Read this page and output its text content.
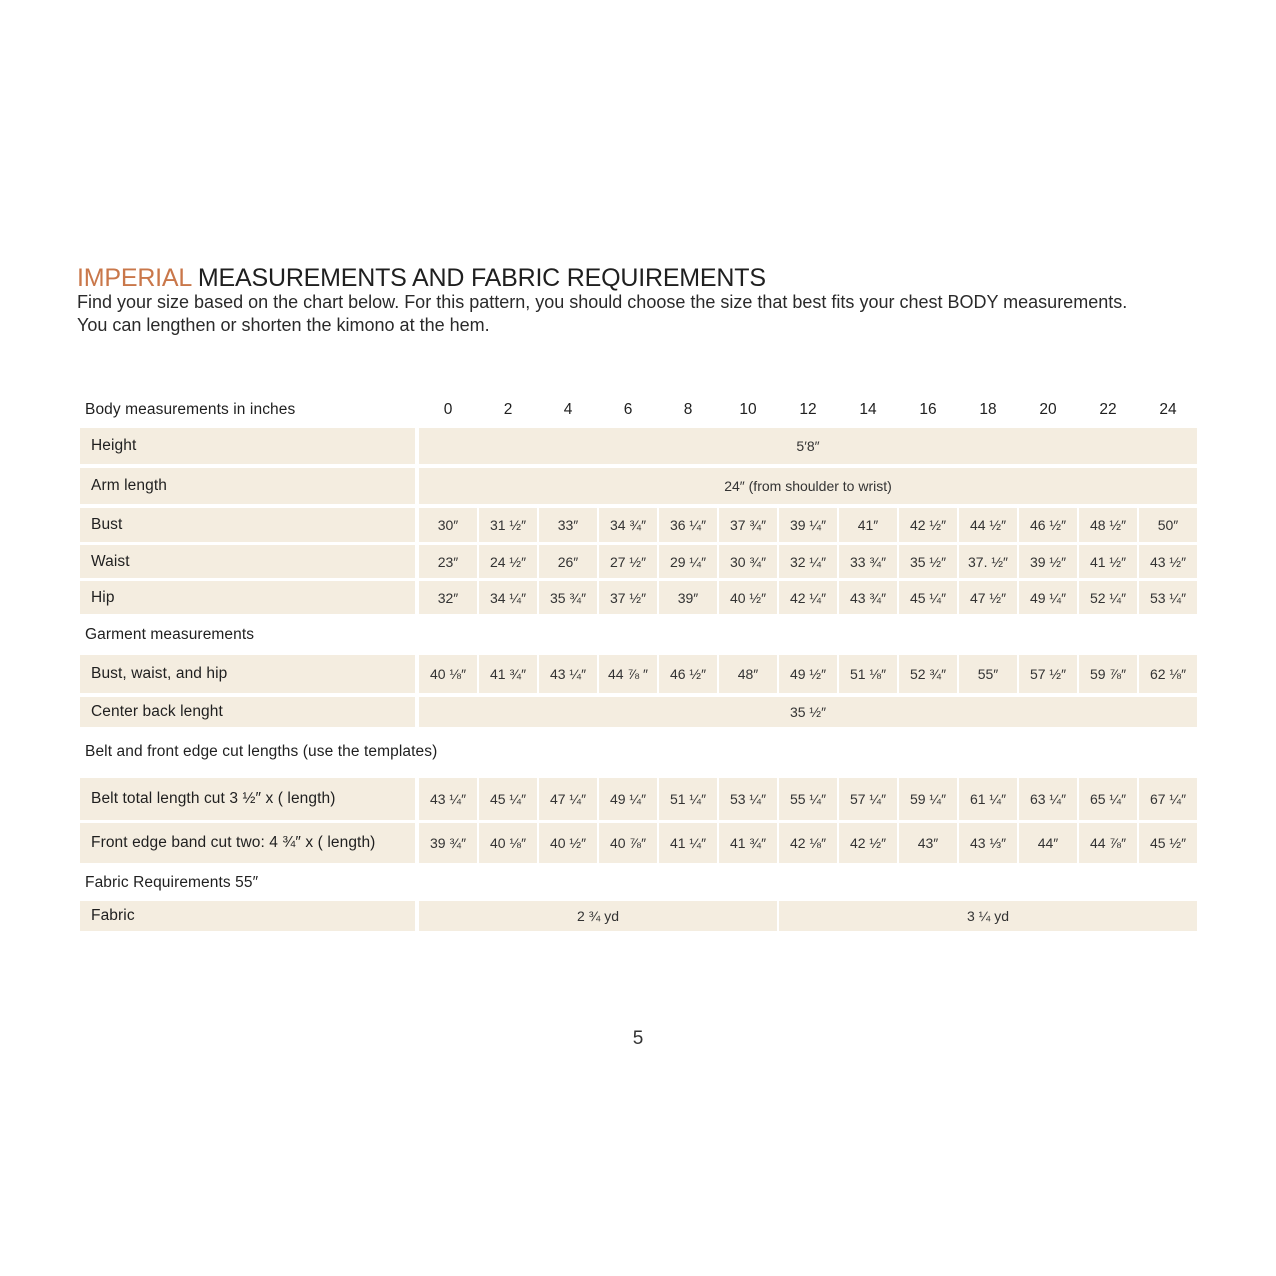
IMPERIAL MEASUREMENTS AND FABRIC REQUIREMENTS

Find your size based on the chart below. For this pattern, you should choose the size that best fits your chest BODY measurements.

You can lengthen or shorten the kimono at the hem.

Body measurements in inches	0	2	4	6	8	10	12	14	16	18	20	22	24
Height	5′8″
Arm length	24″ (from shoulder to wrist)
Bust	30″	31 ½″	33″	34 ¾″	36 ¼″	37 ¾″	39 ¼″	41″	42 ½″	44 ½″	46 ½″	48 ½″	50″
Waist	23″	24 ½″	26″	27 ½″	29 ¼″	30 ¾″	32 ¼″	33 ¾″	35 ½″	37. ½″	39 ½″	41 ½″	43 ½″
Hip	32″	34 ¼″	35 ¾″	37 ½″	39″	40 ½″	42 ¼″	43 ¾″	45 ¼″	47 ½″	49 ¼″	52 ¼″	53 ¼″
Garment measurements
Bust, waist, and hip	40 ⅛″	41 ¾″	43 ¼″	44 ⅞ ″	46 ½″	48″	49 ½″	51 ⅛″	52 ¾″	55″	57 ½″	59 ⅞″	62 ⅛″
Center back lenght	35 ½″
Belt and front edge cut lengths (use the templates)
Belt total length cut 3 ½″ x ( length)	43 ¼″	45 ¼″	47 ¼″	49 ¼″	51 ¼″	53 ¼″	55 ¼″	57 ¼″	59 ¼″	61 ¼″	63 ¼″	65 ¼″	67 ¼″
Front edge band cut two: 4 ¾″ x ( length)	39 ¾″	40 ⅛″	40 ½″	40 ⅞″	41 ¼″	41 ¾″	42 ⅛″	42 ½″	43″	43 ⅓″	44″	44 ⅞″	45 ½″
Fabric Requirements 55″
Fabric	2 ¾ yd	3 ¼ yd
5
